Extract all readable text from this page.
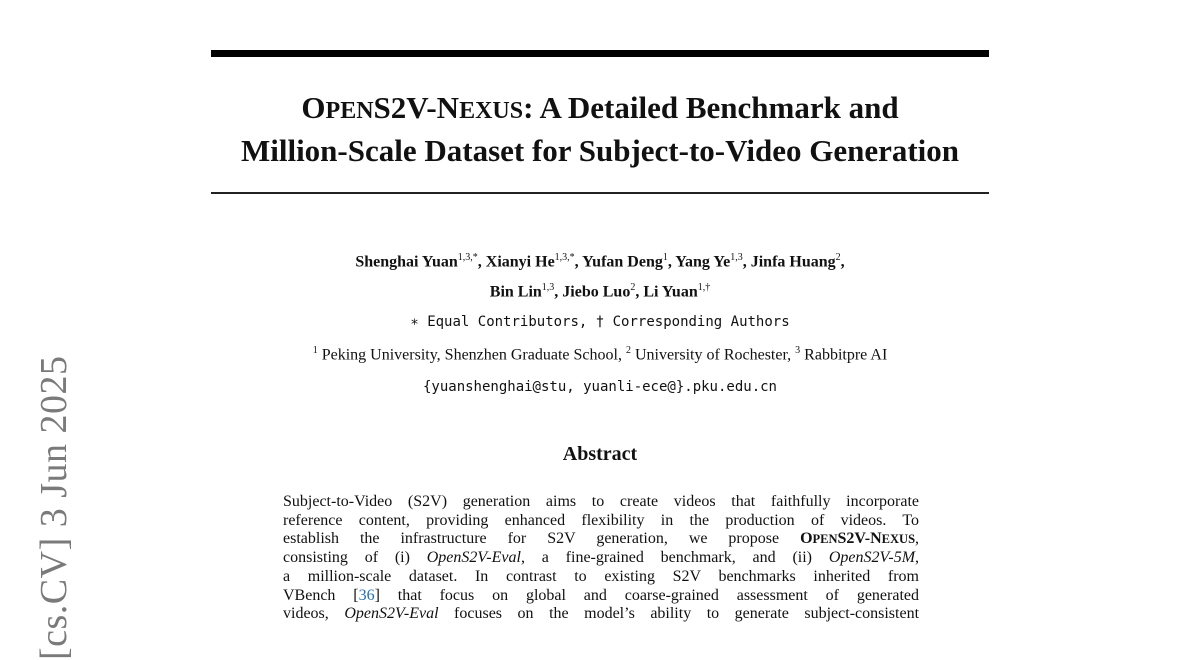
OPENS2V-NEXUS: A Detailed Benchmark and
Million-Scale Dataset for Subject-to-Video Generation
Shenghai Yuan$^{1,3,*}$, Xianyi $He^{1,3,*}$, Yufan Deng$^1$, Yang Ye$^{1,3}$, Jinfa Huang$^2$,
Bin Lin$^{1,3}$, Jiebo Luo$^2$, Li Yuan$^{1,\dagger}$
∗ Equal Contributors, † Corresponding Authors
$^1$ Peking University, Shenzhen Graduate School, $^2$ University of Rochester, $^3$ Rabbitpre AI
{yuanshenghai@stu, yuanli-ece@}.pku.edu.cn
Abstract
Subject-to-Video (S2V) generation aims to create videos that faithfully incorporate
reference content, providing enhanced flexibility in the production of videos. To
establish the infrastructure for S2V generation, we propose OPENS2V-NEXUS,
consisting of (i) OpenS2V-Eval, a fine-grained benchmark, and (ii) OpenS2V-5M,
a million-scale dataset. In contrast to existing S2V benchmarks inherited from
VBench [36] that focus on global and coarse-grained assessment of generated
videos, OpenS2V-Eval focuses on the model’s ability to generate subject-consistent
[cs.CV] 3 Jun 2025
